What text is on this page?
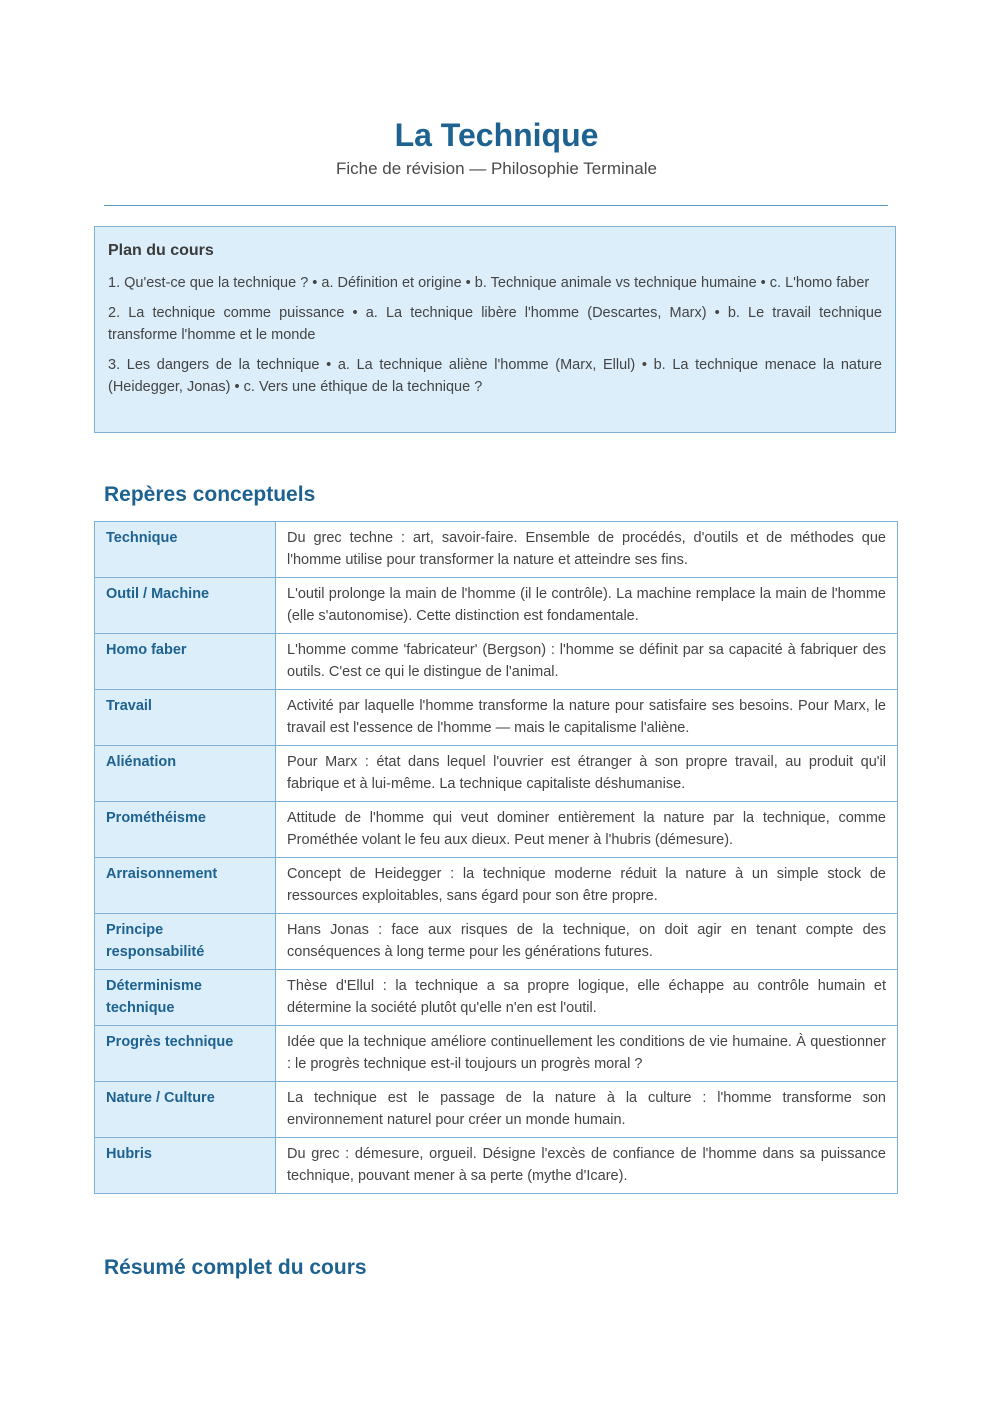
La Technique
Fiche de révision — Philosophie Terminale
Plan du cours
1. Qu'est-ce que la technique ? • a. Définition et origine • b. Technique animale vs technique humaine • c. L'homo faber
2. La technique comme puissance • a. La technique libère l'homme (Descartes, Marx) • b. Le travail technique transforme l'homme et le monde
3. Les dangers de la technique • a. La technique aliène l'homme (Marx, Ellul) • b. La technique menace la nature (Heidegger, Jonas) • c. Vers une éthique de la technique ?
Repères conceptuels
Technique	Du grec techne : art, savoir-faire. Ensemble de procédés, d'outils et de méthodes que l'homme utilise pour transformer la nature et atteindre ses fins.
Outil / Machine	L'outil prolonge la main de l'homme (il le contrôle). La machine remplace la main de l'homme (elle s'autonomise). Cette distinction est fondamentale.
Homo faber	L'homme comme 'fabricateur' (Bergson) : l'homme se définit par sa capacité à fabriquer des outils. C'est ce qui le distingue de l'animal.
Travail	Activité par laquelle l'homme transforme la nature pour satisfaire ses besoins. Pour Marx, le travail est l'essence de l'homme — mais le capitalisme l'aliène.
Aliénation	Pour Marx : état dans lequel l'ouvrier est étranger à son propre travail, au produit qu'il fabrique et à lui-même. La technique capitaliste déshumanise.
Prométhéisme	Attitude de l'homme qui veut dominer entièrement la nature par la technique, comme Prométhée volant le feu aux dieux. Peut mener à l'hubris (démesure).
Arraisonnement	Concept de Heidegger : la technique moderne réduit la nature à un simple stock de ressources exploitables, sans égard pour son être propre.
Principe responsabilité	Hans Jonas : face aux risques de la technique, on doit agir en tenant compte des conséquences à long terme pour les générations futures.
Déterminisme technique	Thèse d'Ellul : la technique a sa propre logique, elle échappe au contrôle humain et détermine la société plutôt qu'elle n'en est l'outil.
Progrès technique	Idée que la technique améliore continuellement les conditions de vie humaine. À questionner : le progrès technique est-il toujours un progrès moral ?
Nature / Culture	La technique est le passage de la nature à la culture : l'homme transforme son environnement naturel pour créer un monde humain.
Hubris	Du grec : démesure, orgueil. Désigne l'excès de confiance de l'homme dans sa puissance technique, pouvant mener à sa perte (mythe d'Icare).
Résumé complet du cours
